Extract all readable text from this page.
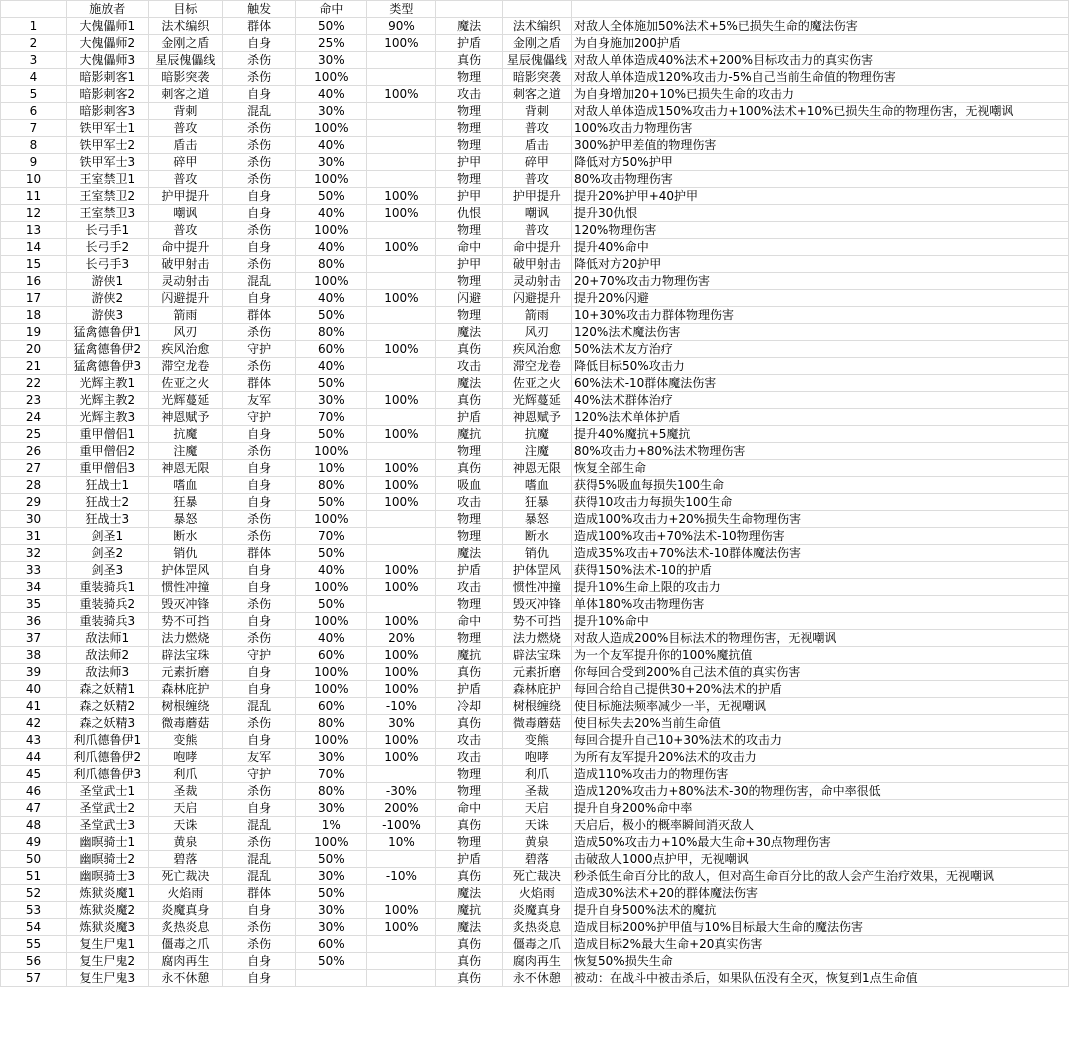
	施放者	目标	触发	命中	类型			
1	大傀儡师1	法术编织	群体	50%	90%	魔法	法术编织	对敌人全体施加50%法术+5%已损失生命的魔法伤害
2	大傀儡师2	金刚之盾	自身	25%	100%	护盾	金刚之盾	为自身施加200护盾
3	大傀儡师3	星辰傀儡线	杀伤	30%		真伤	星辰傀儡线	对敌人单体造成40%法术+200%目标攻击力的真实伤害
4	暗影刺客1	暗影突袭	杀伤	100%		物理	暗影突袭	对敌人单体造成120%攻击力-5%自己当前生命值的物理伤害
5	暗影刺客2	刺客之道	自身	40%	100%	攻击	刺客之道	为自身增加20+10%已损失生命的攻击力
6	暗影刺客3	背刺	混乱	30%		物理	背刺	对敌人单体造成150%攻击力+100%法术+10%已损失生命的物理伤害，无视嘲讽
7	铁甲军士1	普攻	杀伤	100%		物理	普攻	100%攻击力物理伤害
8	铁甲军士2	盾击	杀伤	40%		物理	盾击	300%护甲差值的物理伤害
9	铁甲军士3	碎甲	杀伤	30%		护甲	碎甲	降低对方50%护甲
10	王室禁卫1	普攻	杀伤	100%		物理	普攻	80%攻击物理伤害
11	王室禁卫2	护甲提升	自身	50%	100%	护甲	护甲提升	提升20%护甲+40护甲
12	王室禁卫3	嘲讽	自身	40%	100%	仇恨	嘲讽	提升30仇恨
13	长弓手1	普攻	杀伤	100%		物理	普攻	120%物理伤害
14	长弓手2	命中提升	自身	40%	100%	命中	命中提升	提升40%命中
15	长弓手3	破甲射击	杀伤	80%		护甲	破甲射击	降低对方20护甲
16	游侠1	灵动射击	混乱	100%		物理	灵动射击	20+70%攻击力物理伤害
17	游侠2	闪避提升	自身	40%	100%	闪避	闪避提升	提升20%闪避
18	游侠3	箭雨	群体	50%		物理	箭雨	10+30%攻击力群体物理伤害
19	猛禽德鲁伊1	风刃	杀伤	80%		魔法	风刃	120%法术魔法伤害
20	猛禽德鲁伊2	疾风治愈	守护	60%	100%	真伤	疾风治愈	50%法术友方治疗
21	猛禽德鲁伊3	滞空龙卷	杀伤	40%		攻击	滞空龙卷	降低目标50%攻击力
22	光辉主教1	佐亚之火	群体	50%		魔法	佐亚之火	60%法术-10群体魔法伤害
23	光辉主教2	光辉蔓延	友军	30%	100%	真伤	光辉蔓延	40%法术群体治疗
24	光辉主教3	神恩赋予	守护	70%		护盾	神恩赋予	120%法术单体护盾
25	重甲僧侣1	抗魔	自身	50%	100%	魔抗	抗魔	提升40%魔抗+5魔抗
26	重甲僧侣2	注魔	杀伤	100%		物理	注魔	80%攻击力+80%法术物理伤害
27	重甲僧侣3	神恩无限	自身	10%	100%	真伤	神恩无限	恢复全部生命
28	狂战士1	嗜血	自身	80%	100%	吸血	嗜血	获得5%吸血每损失100生命
29	狂战士2	狂暴	自身	50%	100%	攻击	狂暴	获得10攻击力每损失100生命
30	狂战士3	暴怒	杀伤	100%		物理	暴怒	造成100%攻击力+20%损失生命物理伤害
31	剑圣1	断水	杀伤	70%		物理	断水	造成100%攻击+70%法术-10物理伤害
32	剑圣2	销仇	群体	50%		魔法	销仇	造成35%攻击+70%法术-10群体魔法伤害
33	剑圣3	护体罡风	自身	40%	100%	护盾	护体罡风	获得150%法术-10的护盾
34	重装骑兵1	惯性冲撞	自身	100%	100%	攻击	惯性冲撞	提升10%生命上限的攻击力
35	重装骑兵2	毁灭冲锋	杀伤	50%		物理	毁灭冲锋	单体180%攻击物理伤害
36	重装骑兵3	势不可挡	自身	100%	100%	命中	势不可挡	提升10%命中
37	敌法师1	法力燃烧	杀伤	40%	20%	物理	法力燃烧	对敌人造成200%目标法术的物理伤害，无视嘲讽
38	敌法师2	辟法宝珠	守护	60%	100%	魔抗	辟法宝珠	为一个友军提升你的100%魔抗值
39	敌法师3	元素折磨	自身	100%	100%	真伤	元素折磨	你每回合受到200%自己法术值的真实伤害
40	森之妖精1	森林庇护	自身	100%	100%	护盾	森林庇护	每回合给自己提供30+20%法术的护盾
41	森之妖精2	树根缠绕	混乱	60%	-10%	冷却	树根缠绕	使目标施法频率减少一半，无视嘲讽
42	森之妖精3	微毒蘑菇	杀伤	80%	30%	真伤	微毒蘑菇	使目标失去20%当前生命值
43	利爪德鲁伊1	变熊	自身	100%	100%	攻击	变熊	每回合提升自己10+30%法术的攻击力
44	利爪德鲁伊2	咆哮	友军	30%	100%	攻击	咆哮	为所有友军提升20%法术的攻击力
45	利爪德鲁伊3	利爪	守护	70%		物理	利爪	造成110%攻击力的物理伤害
46	圣堂武士1	圣裁	杀伤	80%	-30%	物理	圣裁	造成120%攻击力+80%法术-30的物理伤害，命中率很低
47	圣堂武士2	天启	自身	30%	200%	命中	天启	提升自身200%命中率
48	圣堂武士3	天诛	混乱	1%	-100%	真伤	天诛	天启后，极小的概率瞬间消灭敌人
49	幽暝骑士1	黄泉	杀伤	100%	10%	物理	黄泉	造成50%攻击力+10%最大生命+30点物理伤害
50	幽暝骑士2	碧落	混乱	50%		护盾	碧落	击破敌人1000点护甲，无视嘲讽
51	幽暝骑士3	死亡裁决	混乱	30%	-10%	真伤	死亡裁决	秒杀低生命百分比的敌人，但对高生命百分比的敌人会产生治疗效果，无视嘲讽
52	炼狱炎魔1	火焰雨	群体	50%		魔法	火焰雨	造成30%法术+20的群体魔法伤害
53	炼狱炎魔2	炎魔真身	自身	30%	100%	魔抗	炎魔真身	提升自身500%法术的魔抗
54	炼狱炎魔3	炙热炎息	杀伤	30%	100%	魔法	炙热炎息	造成目标200%护甲值与10%目标最大生命的魔法伤害
55	复生尸鬼1	僵毒之爪	杀伤	60%		真伤	僵毒之爪	造成目标2%最大生命+20真实伤害
56	复生尸鬼2	腐肉再生	自身	50%		真伤	腐肉再生	恢复50%损失生命
57	复生尸鬼3	永不休憩	自身			真伤	永不休憩	被动：在战斗中被击杀后，如果队伍没有全灭，恢复到1点生命值
